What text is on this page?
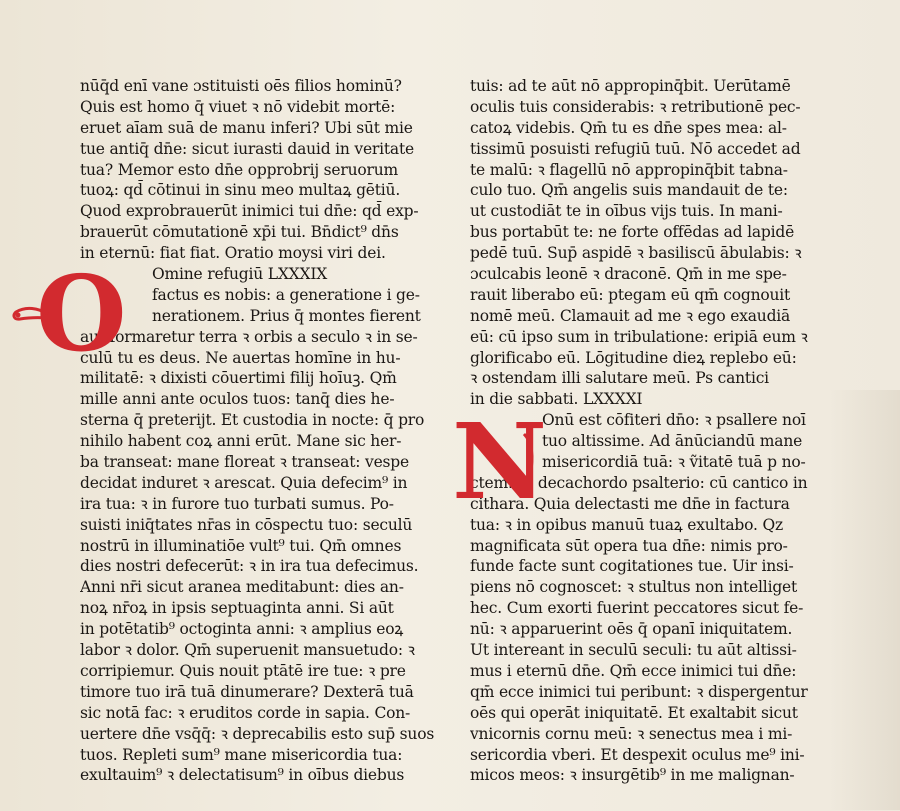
nūq̄d enī vane ɔstituisti oēs filios hominū?
Quis est homo q̄ viuet ꝛ nō videbit mortē:
eruet aīam suā de manu inferi? Ubi sūt mie
tue antiq̄ dn̄e: sicut iurasti dauid in veritate
tua? Memor esto dn̄e opprobrij seruorum
tuoꝝ: qd̄ cōtinui in sinu meo multaꝝ gētiū.
Quod exprobrauerūt inimici tui dn̄e: qd̄ exp-
brauerūt cōmutationē xp̄i tui. Bn̄dict⁹ dn̄s
in eternū: fiat fiat. Oratio moysi viri dei.
Omine refugiū LXXXIX
factus es nobis: a generatione i ge-
nerationem. Prius q̄ montes fierent
aut formaretur terra ꝛ orbis a seculo ꝛ in se-
culū tu es deus. Ne auertas homīne in hu-
militatē: ꝛ dixisti cōuertimi filij hoīuꝫ. Qm̄
mille anni ante oculos tuos: tanq̄ dies he-
sterna q̄ preterijt. Et custodia in nocte: q̄ pro
nihilo habent coꝝ anni erūt. Mane sic her-
ba transeat: mane floreat ꝛ transeat: vespe
decidat induret ꝛ arescat. Quia defecim⁹ in
ira tua: ꝛ in furore tuo turbati sumus. Po-
suisti iniq̄tates nr̄as in cōspectu tuo: seculū
nostrū in illuminatiōe vult⁹ tui. Qm̄ omnes
dies nostri defecerūt: ꝛ in ira tua defecimus.
Anni nr̄i sicut aranea meditabunt: dies an-
noꝝ nr̄oꝝ in ipsis septuaginta anni. Si aūt
in potētatib⁹ octoginta anni: ꝛ amplius eoꝝ
labor ꝛ dolor. Qm̄ superuenit mansuetudo: ꝛ
corripiemur. Quis nouit ptātē ire tue: ꝛ pre
timore tuo irā tuā dinumerare? Dexterā tuā
sic notā fac: ꝛ eruditos corde in sapia. Con-
uertere dn̄e vsq̄q̄: ꝛ deprecabilis esto sup̄ suos
tuos. Repleti sum⁹ mane misericordia tua:
exultauim⁹ ꝛ delectatisum⁹ in oībus diebus
tuis: ad te aūt nō appropinq̄bit. Uerūtamē
oculis tuis considerabis: ꝛ retributionē pec-
catoꝝ videbis. Qm̄ tu es dn̄e spes mea: al-
tissimū posuisti refugiū tuū. Nō accedet ad
te malū: ꝛ flagellū nō appropinq̄bit tabna-
culo tuo. Qm̄ angelis suis mandauit de te:
ut custodiāt te in oībus vijs tuis. In mani-
bus portabūt te: ne forte offēdas ad lapidē
pedē tuū. Sup̄ aspidē ꝛ basiliscū ābulabis: ꝛ
ɔculcabis leonē ꝛ draconē. Qm̄ in me spe-
rauit liberabo eū: ptegam eū qm̄ cognouit
nomē meū. Clamauit ad me ꝛ ego exaudiā
eū: cū ipso sum in tribulatione: eripiā eum ꝛ
glorificabo eū. Lōgitudine dieꝝ replebo eū:
ꝛ ostendam illi salutare meū. Ps cantici
in die sabbati. LXXXXI
Onū est cōfiteri dn̄o: ꝛ psallere noī
tuo altissime. Ad ānūciandū mane
misericordiā tuā: ꝛ ṽitatē tuā p no-
ctem. In decachordo psalterio: cū cantico in
cithara. Quia delectasti me dn̄e in factura
tua: ꝛ in opibus manuū tuaꝝ exultabo. Qz
magnificata sūt opera tua dn̄e: nimis pro-
funde facte sunt cogitationes tue. Uir insi-
piens nō cognoscet: ꝛ stultus non intelliget
hec. Cum exorti fuerint peccatores sicut fe-
nū: ꝛ apparuerint oēs q̄ opanī iniquitatem.
Ut intereant in seculū seculi: tu aūt altissi-
mus i eternū dn̄e. Qm̄ ecce inimici tui dn̄e:
qm̄ ecce inimici tui peribunt: ꝛ dispergentur
oēs qui operāt iniquitatē. Et exaltabit sicut
vnicornis cornu meū: ꝛ senectus mea i mi-
sericordia vberi. Et despexit oculus me⁹ ini-
micos meos: ꝛ insurgētib⁹ in me malignan-
O
N
